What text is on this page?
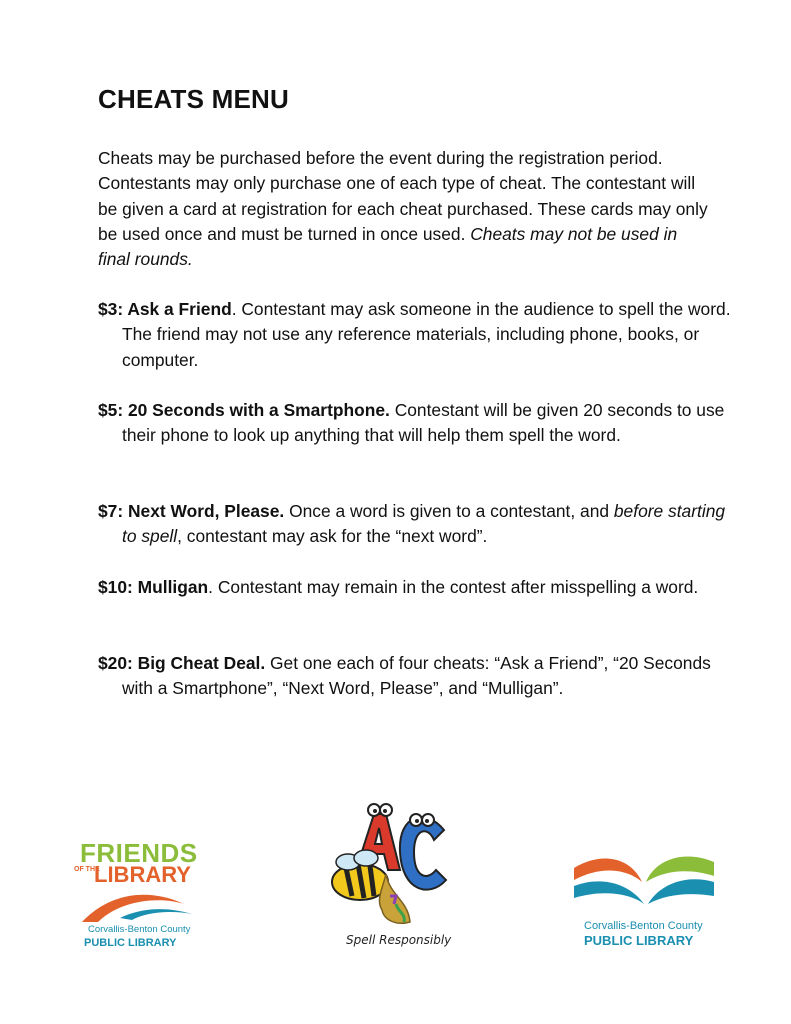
CHEATS MENU

Cheats may be purchased before the event during the registration period. Contestants may only purchase one of each type of cheat. The contestant will be given a card at registration for each cheat purchased. These cards may only be used once and must be turned in once used. Cheats may not be used in final rounds.

$3: Ask a Friend. Contestant may ask someone in the audience to spell the word. The friend may not use any reference materials, including phone, books, or computer.

$5: 20 Seconds with a Smartphone. Contestant will be given 20 seconds to use their phone to look up anything that will help them spell the word.

$7: Next Word, Please. Once a word is given to a contestant, and before starting to spell, contestant may ask for the “next word”.

$10: Mulligan. Contestant may remain in the contest after misspelling a word.

$20: Big Cheat Deal. Get one each of four cheats: “Ask a Friend”, “20 Seconds with a Smartphone”, “Next Word, Please”, and “Mulligan”.

FRIENDS
OF THE
LIBRARY
Corvallis-Benton County
PUBLIC LIBRARY	Spell Responsibly
Corvallis-Benton County
PUBLIC LIBRARY
